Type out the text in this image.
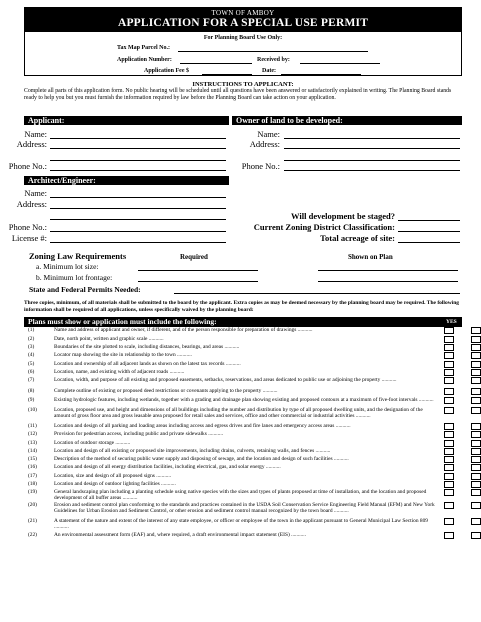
TOWN OF AMBOY
APPLICATION FOR A SPECIAL USE PERMIT
For Planning Board Use Only:
Tax Map Parcel No.:
Application Number:	Received by:
Application Fee $	Date:
INSTRUCTIONS TO APPLICANT:
Complete all parts of this application form. No public hearing will be scheduled until all questions have been answered or satisfactorily explained in writing. The Planning Board stands ready to help you but you must furnish the information required by law before the Planning Board can take action on your application.
Applicant:	Owner of land to be developed:
Name:
Address:
Phone No.:
Name:
Address:
Phone No.:
Architect/Engineer:
Name:
Address:
Phone No.:
License #:
Will development be staged?
Current Zoning District Classification:
Total acreage of site:
Zoning Law Requirements	Required	Shown on Plan
a. Minimum lot size:
b. Minimum lot frontage:
State and Federal Permits Needed:
Three copies, minimum, of all materials shall be submitted to the board by the applicant. Extra copies as may be deemed necessary by the planning board may be required. The following information shall be required of all applications, unless specifically waived by the planning board:
Plans must show or application must include the following:	YES	NO
(1)	Name and address of applicant and owner, if different, and of the person responsible for preparation of drawings ...........
(2)	Date, north point, written and graphic scale ...........
(3)	Boundaries of the site plotted to scale, including distances, bearings, and areas ...........
(4)	Locator map showing the site in relationship to the town ...........
(5)	Location and ownership of all adjacent lands as shown on the latest tax records ...........
(6)	Location, name, and existing width of adjacent roads ...........
(7)	Location, width, and purpose of all existing and proposed easements, setbacks, reservations, and areas dedicated to public use or adjoining the property ...........
(8)	Complete outline of existing or proposed deed restrictions or covenants applying to the property ...........
(9)	Existing hydrologic features, including wetlands, together with a grading and drainage plan showing existing and proposed contours at a maximum of five-foot intervals ...........
(10)	Location, proposed use, and height and dimensions of all buildings including the number and distribution by type of all proposed dwelling units, and the designation of the amount of gross floor area and gross leasable area proposed for retail sales and services, office and other commercial or industrial activities ...........
(11)	Location and design of all parking and loading areas including access and egress drives and fire lanes and emergency access areas ...........
(12)	Provision for pedestrian access, including public and private sidewalks ...........
(13)	Location of outdoor storage ...........
(14)	Location and design of all existing or proposed site improvements, including drains, culverts, retaining walls, and fences ...........
(15)	Description of the method of securing public water supply and disposing of sewage, and the location and design of such facilities ...........
(16)	Location and design of all energy distribution facilities, including electrical, gas, and solar energy ...........
(17)	Location, size and design of all proposed signs ...........
(18)	Location and design of outdoor lighting facilities ...........
(19)	General landscaping plan including a planting schedule using native species with the sizes and types of plants proposed at time of installation, and the location and proposed development of all buffer areas ...........
(20)	Erosion and sediment control plan conforming to the standards and practices contained in the USDA Soil Conservation Service Engineering Field Manual (EFM) and New York Guidelines for Urban Erosion and Sediment Control, or other erosion and sediment control manual recognized by the town board ...........
(21)	A statement of the nature and extent of the interest of any state employee, or officer or employee of the town in the applicant pursuant to General Municipal Law Section 809 ...........
(22)	An environmental assessment form (EAF) and, where required, a draft environmental impact statement (EIS) ...........
